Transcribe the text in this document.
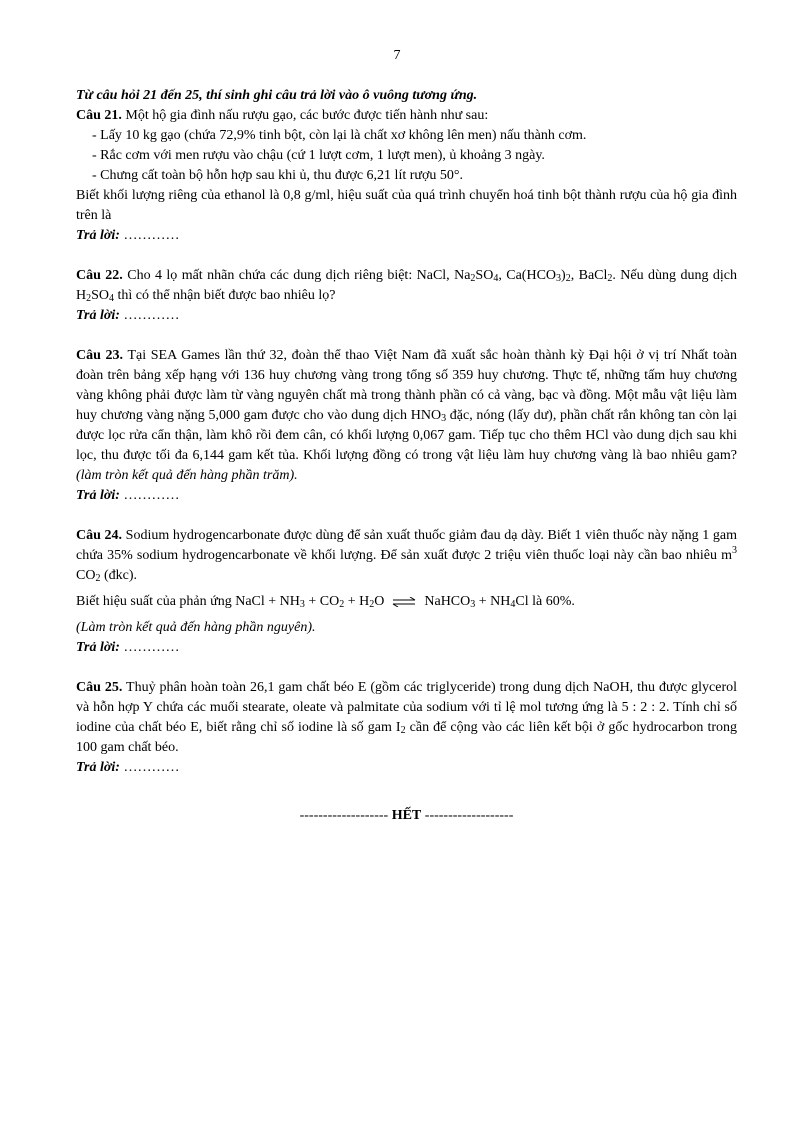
7

Từ câu hỏi 21 đến 25, thí sinh ghi câu trả lời vào ô vuông tương ứng.

Câu 21. Một hộ gia đình nấu rượu gạo, các bước được tiến hành như sau:

- Lấy 10 kg gạo (chứa 72,9% tinh bột, còn lại là chất xơ không lên men) nấu thành cơm.

- Rắc cơm với men rượu vào chậu (cứ 1 lượt cơm, 1 lượt men), ủ khoảng 3 ngày.

- Chưng cất toàn bộ hỗn hợp sau khi ủ, thu được 6,21 lít rượu 50°.

Biết khối lượng riêng của ethanol là 0,8 g/ml, hiệu suất của quá trình chuyển hoá tinh bột thành rượu của hộ gia đình trên là

Trả lời: …………

Câu 22. Cho 4 lọ mất nhãn chứa các dung dịch riêng biệt: NaCl, $Na_2SO_4$, $Ca(HCO_3)_2$, BaCl$_2$. Nếu dùng dung dịch $H_2SO_4$ thì có thể nhận biết được bao nhiêu lọ?

Trả lời: …………

Câu 23. Tại SEA Games lần thứ 32, đoàn thể thao Việt Nam đã xuất sắc hoàn thành kỳ Đại hội ở vị trí Nhất toàn đoàn trên bảng xếp hạng với 136 huy chương vàng trong tổng số 359 huy chương. Thực tế, những tấm huy chương vàng không phải được làm từ vàng nguyên chất mà trong thành phần có cả vàng, bạc và đồng. Một mẫu vật liệu làm huy chương vàng nặng 5,000 gam được cho vào dung dịch $HNO_3$ đặc, nóng (lấy dư), phần chất rắn không tan còn lại được lọc rửa cẩn thận, làm khô rồi đem cân, có khối lượng 0,067 gam. Tiếp tục cho thêm HCl vào dung dịch sau khi lọc, thu được tối đa 6,144 gam kết tủa. Khối lượng đồng có trong vật liệu làm huy chương vàng là bao nhiêu gam? (làm tròn kết quả đến hàng phần trăm).

Trả lời: …………

Câu 24. Sodium hydrogencarbonate được dùng để sản xuất thuốc giảm đau dạ dày. Biết 1 viên thuốc này nặng 1 gam chứa 35% sodium hydrogencarbonate về khối lượng. Để sản xuất được 2 triệu viên thuốc loại này cần bao nhiêu $m^3$ $CO_2$ (đkc).

Biết hiệu suất của phản ứng NaCl + $NH_3 + CO_2 + H_2O$ ⇌ NaHCO$_3$ + $NH_4Cl$ là 60%.

(Làm tròn kết quả đến hàng phần nguyên).

Trả lời: …………

Câu 25. Thuỷ phân hoàn toàn 26,1 gam chất béo E (gồm các triglyceride) trong dung dịch NaOH, thu được glycerol và hỗn hợp Y chứa các muối stearate, oleate và palmitate của sodium với tỉ lệ mol tương ứng là 5 : 2 : 2. Tính chỉ số iodine của chất béo E, biết rằng chỉ số iodine là số gam $I_2$ cần để cộng vào các liên kết bội ở gốc hydrocarbon trong 100 gam chất béo.

Trả lời: …………

------------------- HẾT -------------------
